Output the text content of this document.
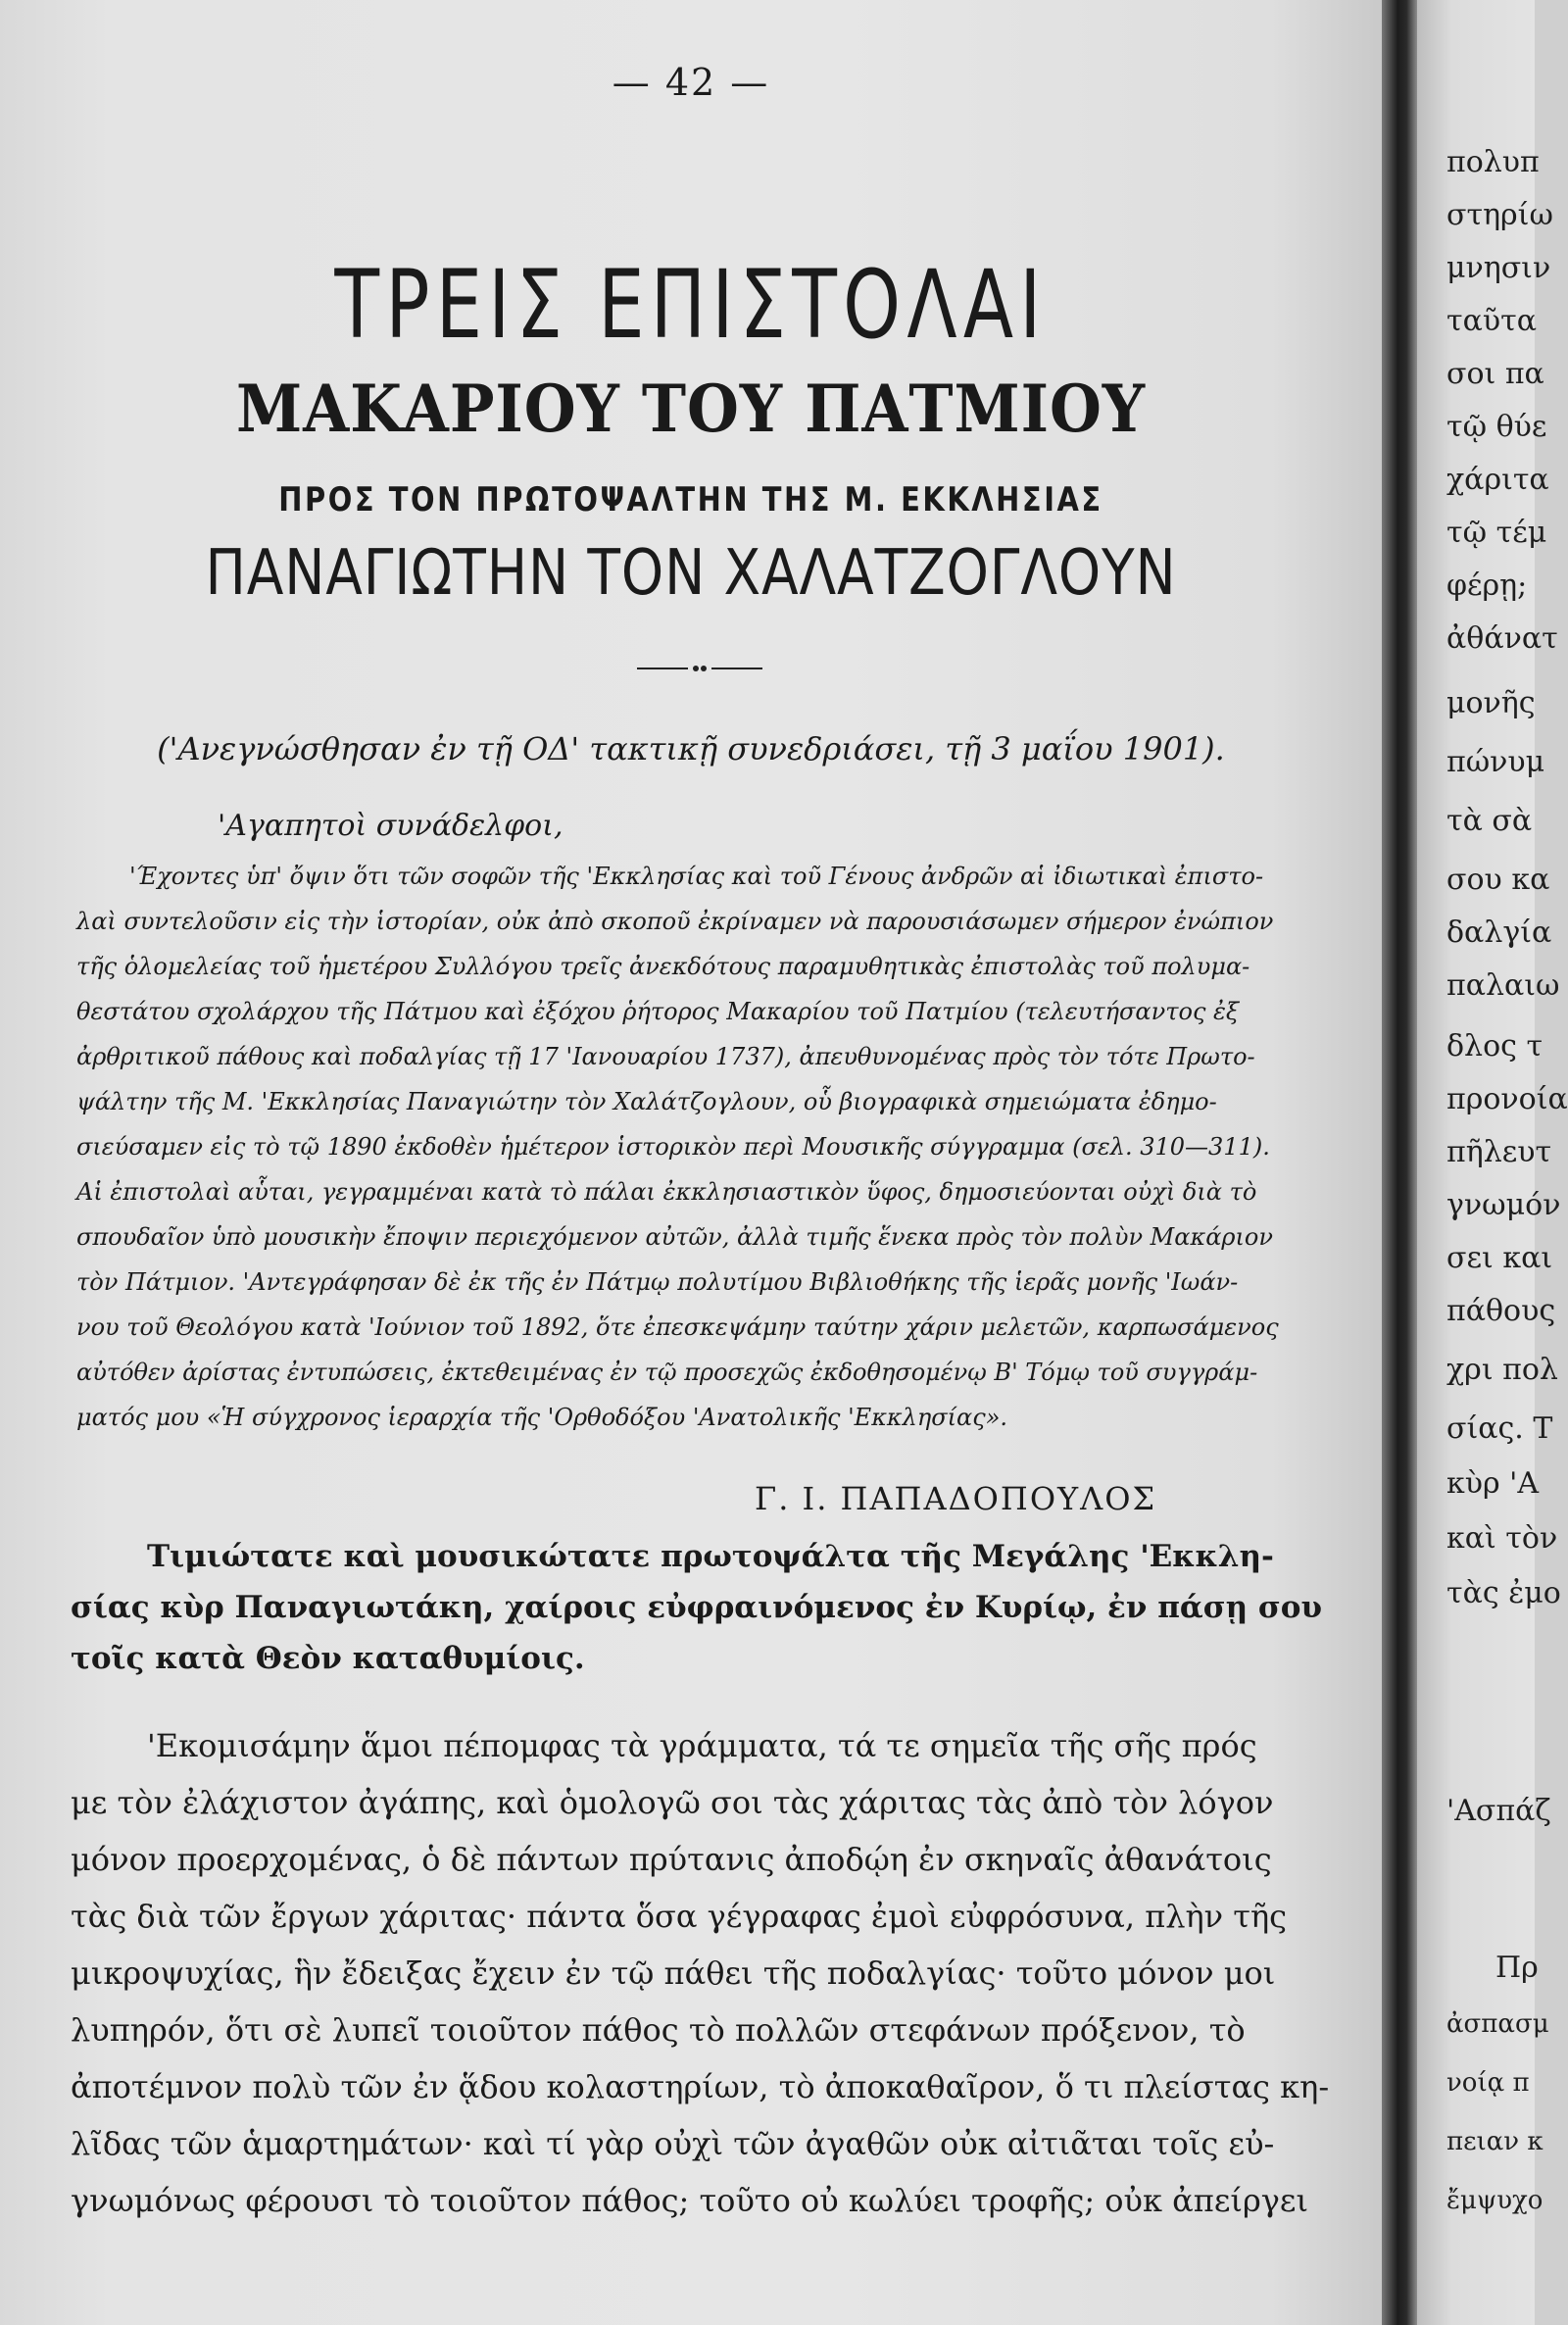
— 42 —
ΤΡΕΙΣ ΕΠΙΣΤΟΛΑΙ
ΜΑΚΑΡΙΟΥ ΤΟΥ ΠΑΤΜΙΟΥ
ΠΡΟΣ ΤΟΝ ΠΡΩΤΟΨΑΛΤΗΝ ΤΗΣ Μ. ΕΚΚΛΗΣΙΑΣ
ΠΑΝΑΓΙΩΤΗΝ ΤΟΝ ΧΑΛΑΤΖΟΓΛΟΥΝ
('Ανεγνώσθησαν ἐν τῇ ΟΔ' τακτικῇ συνεδριάσει, τῇ 3 μαΐου 1901).
'Αγαπητοὶ συνάδελφοι,
'Έχοντες ὑπ' ὄψιν ὅτι τῶν σοφῶν τῆς 'Εκκλησίας καὶ τοῦ Γένους ἀνδρῶν αἱ ἰδιωτικαὶ ἐπιστο-
λαὶ συντελοῦσιν εἰς τὴν ἱστορίαν, οὐκ ἀπὸ σκοποῦ ἐκρίναμεν νὰ παρουσιάσωμεν σήμερον ἐνώπιον
τῆς ὁλομελείας τοῦ ἡμετέρου Συλλόγου τρεῖς ἀνεκδότους παραμυθητικὰς ἐπιστολὰς τοῦ πολυμα-
θεστάτου σχολάρχου τῆς Πάτμου καὶ ἐξόχου ῥήτορος Μακαρίου τοῦ Πατμίου (τελευτήσαντος ἐξ
ἀρθριτικοῦ πάθους καὶ ποδαλγίας τῇ 17 'Ιανουαρίου 1737), ἀπευθυνομένας πρὸς τὸν τότε Πρωτο-
ψάλτην τῆς Μ. 'Εκκλησίας Παναγιώτην τὸν Χαλάτζογλουν, οὗ βιογραφικὰ σημειώματα ἐδημο-
σιεύσαμεν εἰς τὸ τῷ 1890 ἐκδοθὲν ἡμέτερον ἱστορικὸν περὶ Μουσικῆς σύγγραμμα (σελ. 310—311).
Αἱ ἐπιστολαὶ αὗται, γεγραμμέναι κατὰ τὸ πάλαι ἐκκλησιαστικὸν ὕφος, δημοσιεύονται οὐχὶ διὰ τὸ
σπουδαῖον ὑπὸ μουσικὴν ἔποψιν περιεχόμενον αὐτῶν, ἀλλὰ τιμῆς ἕνεκα πρὸς τὸν πολὺν Μακάριον
τὸν Πάτμιον. 'Αντεγράφησαν δὲ ἐκ τῆς ἐν Πάτμῳ πολυτίμου Βιβλιοθήκης τῆς ἱερᾶς μονῆς 'Ιωάν-
νου τοῦ Θεολόγου κατὰ 'Ιούνιον τοῦ 1892, ὅτε ἐπεσκεψάμην ταύτην χάριν μελετῶν, καρπωσάμενος
αὐτόθεν ἀρίστας ἐντυπώσεις, ἐκτεθειμένας ἐν τῷ προσεχῶς ἐκδοθησομένῳ Β' Τόμῳ τοῦ συγγράμ-
ματός μου «Ἡ σύγχρονος ἱεραρχία τῆς 'Ορθοδόξου 'Ανατολικῆς 'Εκκλησίας».
Γ. Ι. ΠΑΠΑΔΟΠΟΥΛΟΣ
Τιμιώτατε καὶ μουσικώτατε πρωτοψάλτα τῆς Μεγάλης 'Εκκλη-
σίας κὺρ Παναγιωτάκη, χαίροις εὐφραινόμενος ἐν Κυρίῳ, ἐν πάσῃ σου
τοῖς κατὰ Θεὸν καταθυμίοις.
'Εκομισάμην ἅμοι πέπομφας τὰ γράμματα, τά τε σημεῖα τῆς σῆς πρός
με τὸν ἐλάχιστον ἀγάπης, καὶ ὁμολογῶ σοι τὰς χάριτας τὰς ἀπὸ τὸν λόγον
μόνον προερχομένας, ὁ δὲ πάντων πρύτανις ἀποδῴη ἐν σκηναῖς ἀθανάτοις
τὰς διὰ τῶν ἔργων χάριτας· πάντα ὅσα γέγραφας ἐμοὶ εὐφρόσυνα, πλὴν τῆς
μικροψυχίας, ἣν ἔδειξας ἔχειν ἐν τῷ πάθει τῆς ποδαλγίας· τοῦτο μόνον μοι
λυπηρόν, ὅτι σὲ λυπεῖ τοιοῦτον πάθος τὸ πολλῶν στεφάνων πρόξενον, τὸ
ἀποτέμνον πολὺ τῶν ἐν ᾅδου κολαστηρίων, τὸ ἀποκαθαῖρον, ὅ τι πλείστας κη-
λῖδας τῶν ἁμαρτημάτων· καὶ τί γὰρ οὐχὶ τῶν ἀγαθῶν οὐκ αἰτιᾶται τοῖς εὐ-
γνωμόνως φέρουσι τὸ τοιοῦτον πάθος; τοῦτο οὐ κωλύει τροφῆς; οὐκ ἀπείργει
πολυπ
στηρίω
μνησιν
ταῦτα
σοι πα
τῷ θύε
χάριτα
τῷ τέμ
φέρῃ;
ἀθάνατ
μονῆς
πώνυμ
τὰ σὰ
σου κα
δαλγία
παλαιω
δλος τ
προνοία
πῆλευτ
γνωμόν
σει και
πάθους
χρι πολ
σίας. Τ
κὺρ 'Α
καὶ τὸν
τὰς ἐμο
'Ασπάζ
Πρ
ἀσπασμ
νοίᾳ π
πειαν κ
ἔμψυχο
